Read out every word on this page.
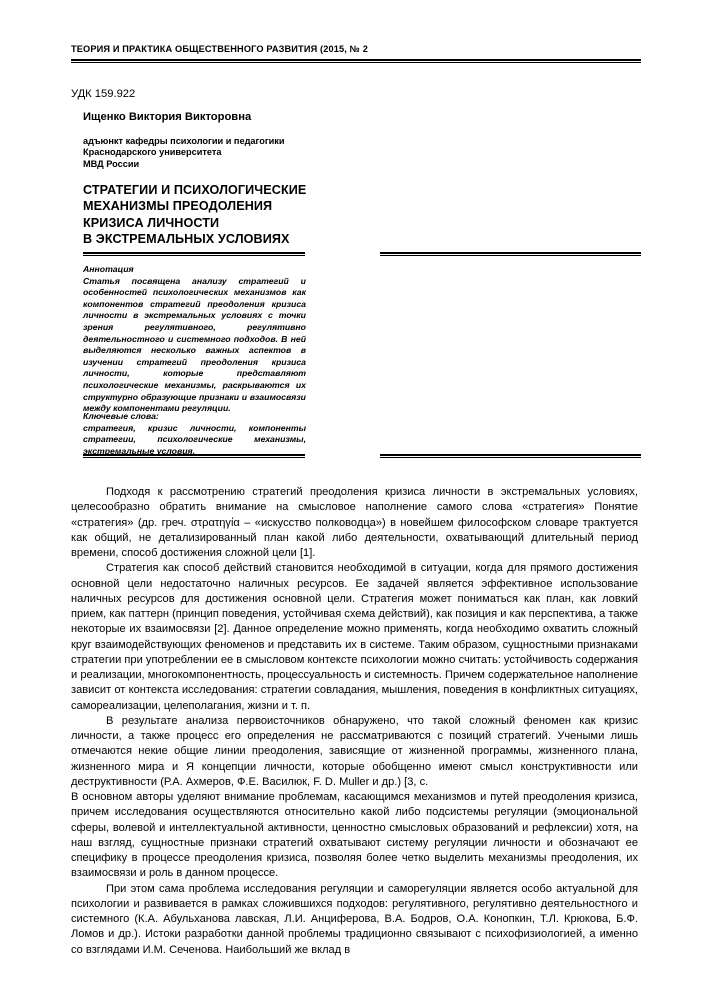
ТЕОРИЯ И ПРАКТИКА ОБЩЕСТВЕННОГО РАЗВИТИЯ (2015, № 2
УДК 159.922
Ищенко Виктория Викторовна
адъюнкт кафедры психологии и педагогики
Краснодарского университета
МВД России
СТРАТЕГИИ И ПСИХОЛОГИЧЕСКИЕ
МЕХАНИЗМЫ ПРЕОДОЛЕНИЯ
КРИЗИСА ЛИЧНОСТИ
В ЭКСТРЕМАЛЬНЫХ УСЛОВИЯХ
Аннотация
Статья посвящена анализу стратегий и особенностей психологических механизмов как компонентов стратегий преодоления кризиса личности в экстремальных условиях с точки зрения регулятивного, регулятивно деятельностного и системного подходов. В ней выделяются несколько важных аспектов в изучении стратегий преодоления кризиса личности, которые представляют психологические механизмы, раскрываются их структурно образующие признаки и взаимосвязи между компонентами регуляции.
Ключевые слова:
стратегия, кризис личности, компоненты стратегии, психологические механизмы, экстремальные условия.

Подходя к рассмотрению стратегий преодоления кризиса личности в экстремальных условиях, целесообразно обратить внимание на смысловое наполнение самого слова «стратегия» Понятие «стратегия» (др. греч. στρατηγία – «искусство полководца») в новейшем философском словаре трактуется как общий, не детализированный план какой либо деятельности, охватывающий длительный период времени, способ достижения сложной цели [1].

Стратегия как способ действий становится необходимой в ситуации, когда для прямого достижения основной цели недостаточно наличных ресурсов. Ее задачей является эффективное использование наличных ресурсов для достижения основной цели. Стратегия может пониматься как план, как ловкий прием, как паттерн (принцип поведения, устойчивая схема действий), как позиция и как перспектива, а также некоторые их взаимосвязи [2]. Данное определение можно применять, когда необходимо охватить сложный круг взаимодействующих феноменов и представить их в системе. Таким образом, сущностными признаками стратегии при употреблении ее в смысловом контексте психологии можно считать: устойчивость содержания и реализации, многокомпонентность, процессуальность и системность. Причем содержательное наполнение зависит от контекста исследования: стратегии совладания, мышления, поведения в конфликтных ситуациях, самореализации, целеполагания, жизни и т. п.

В результате анализа первоисточников обнаружено, что такой сложный феномен как кризис личности, а также процесс его определения не рассматриваются с позиций стратегий. Учеными лишь отмечаются некие общие линии преодоления, зависящие от жизненной программы, жизненного плана, жизненного мира и Я концепции личности, которые обобщенно имеют смысл конструктивности или деструктивности (Р.А. Ахмеров, Ф.Е. Василюк, F. D. Muller и др.) [3, с.

В основном авторы уделяют внимание проблемам, касающимся механизмов и путей преодоления кризиса, причем исследования осуществляются относительно какой либо подсистемы регуляции (эмоциональной сферы, волевой и интеллектуальной активности, ценностно смысловых образований и рефлексии) хотя, на наш взгляд, сущностные признаки стратегий охватывают систему регуляции личности и обозначают ее специфику в процессе преодоления кризиса, позволяя более четко выделить механизмы преодоления, их взаимосвязи и роль в данном процессе.

При этом сама проблема исследования регуляции и саморегуляции является особо актуальной для психологии и развивается в рамках сложившихся подходов: регулятивного, регулятивно деятельностного и системного (К.А. Абульханова лавская, Л.И. Анциферова, В.А. Бодров, О.А. Конопкин, Т.Л. Крюкова, Б.Ф. Ломов и др.). Истоки разработки данной проблемы традиционно связывают с психофизиологией, а именно со взглядами И.М. Сеченова. Наибольший же вклад в
